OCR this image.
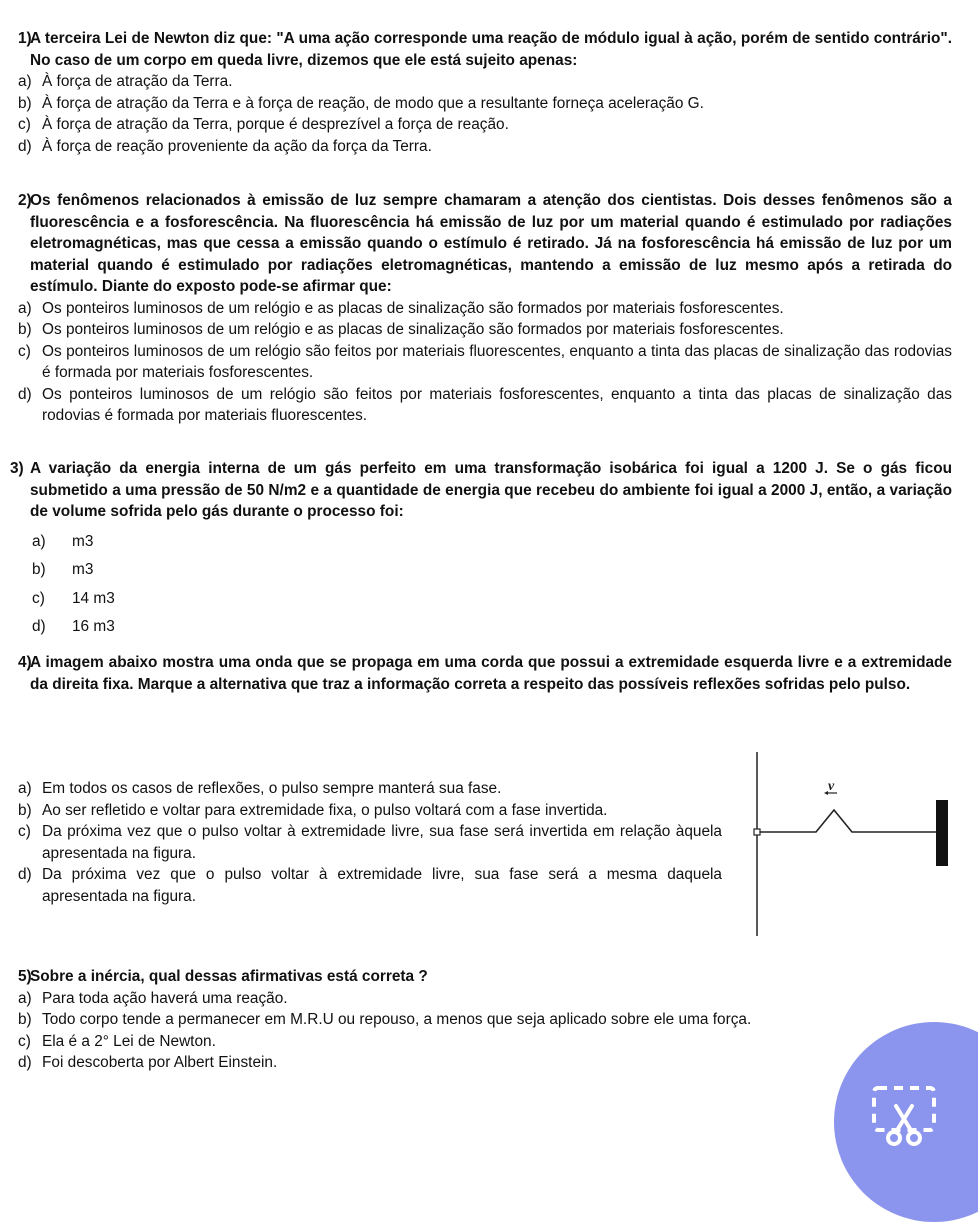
1)
A terceira Lei de Newton diz que: "A uma ação corresponde uma reação de módulo igual à ação, porém de sentido contrário". No caso de um corpo em queda livre, dizemos que ele está sujeito apenas:
a) À força de atração da Terra.
b) À força de atração da Terra e à força de reação, de modo que a resultante forneça aceleração G.
c) À força de atração da Terra, porque é desprezível a força de reação.
d) À força de reação proveniente da ação da força da Terra.
2)
Os fenômenos relacionados à emissão de luz sempre chamaram a atenção dos cientistas. Dois desses fenômenos são a fluorescência e a fosforescência. Na fluorescência há emissão de luz por um material quando é estimulado por radiações eletromagnéticas, mas que cessa a emissão quando o estímulo é retirado. Já na fosforescência há emissão de luz por um material quando é estimulado por radiações eletromagnéticas, mantendo a emissão de luz mesmo após a retirada do estímulo. Diante do exposto pode-se afirmar que:
a) Os ponteiros luminosos de um relógio e as placas de sinalização são formados por materiais fosforescentes.
b) Os ponteiros luminosos de um relógio e as placas de sinalização são formados por materiais fosforescentes.
c) Os ponteiros luminosos de um relógio são feitos por materiais fluorescentes, enquanto a tinta das placas de sinalização das rodovias é formada por materiais fosforescentes.
d) Os ponteiros luminosos de um relógio são feitos por materiais fosforescentes, enquanto a tinta das placas de sinalização das rodovias é formada por materiais fluorescentes.
3) A variação da energia interna de um gás perfeito em uma transformação isobárica foi igual a 1200 J. Se o gás ficou submetido a uma pressão de 50 N/m2 e a quantidade de energia que recebeu do ambiente foi igual a 2000 J, então, a variação de volume sofrida pelo gás durante o processo foi:
a) m3
b) m3
c) 14 m3
d) 16 m3
4)
A imagem abaixo mostra uma onda que se propaga em uma corda que possui a extremidade esquerda livre e a extremidade da direita fixa. Marque a alternativa que traz a informação correta a respeito das possíveis reflexões sofridas pelo pulso.
a) Em todos os casos de reflexões, o pulso sempre manterá sua fase.
b) Ao ser refletido e voltar para extremidade fixa, o pulso voltará com a fase invertida.
c) Da próxima vez que o pulso voltar à extremidade livre, sua fase será invertida em relação àquela apresentada na figura.
d) Da próxima vez que o pulso voltar à extremidade livre, sua fase será a mesma daquela apresentada na figura.
v
5)
Sobre a inércia, qual dessas afirmativas está correta ?
a) Para toda ação haverá uma reação.
b) Todo corpo tende a permanecer em M.R.U ou repouso, a menos que seja aplicado sobre ele uma força.
c) Ela é a 2° Lei de Newton.
d) Foi descoberta por Albert Einstein.
